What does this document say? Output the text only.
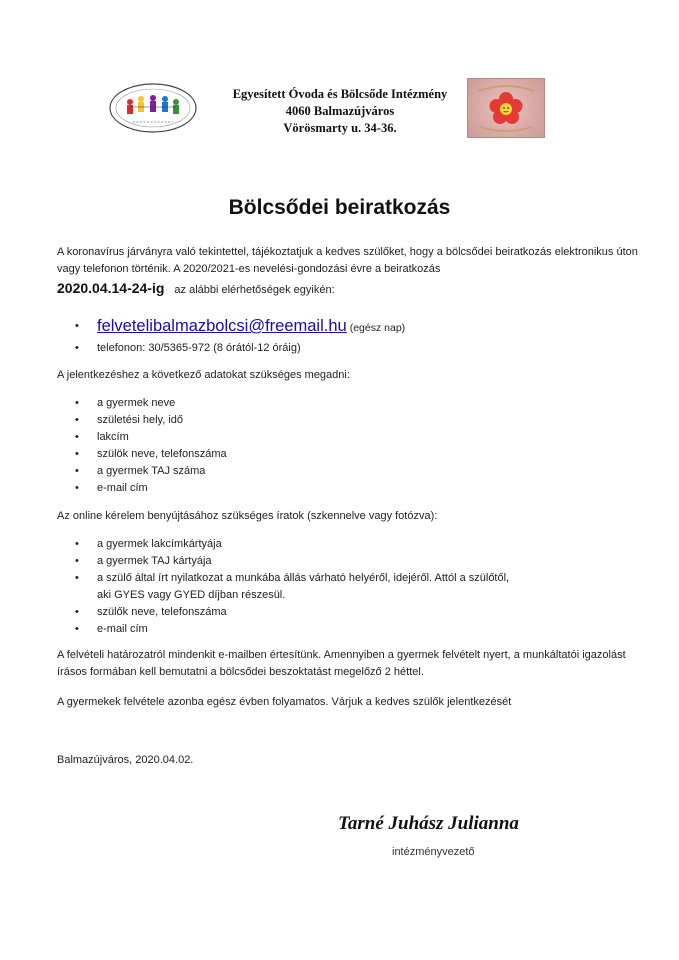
Egyesített Óvoda és Bölcsőde Intézmény
4060 Balmazújváros
Vörösmarty u. 34-36.
Bölcsődei beiratkozás
A koronavírus járványra való tekintettel, tájékoztatjuk a kedves szülőket, hogy a bölcsődei beiratkozás elektronikus úton vagy telefonon történik. A 2020/2021-es nevelési-gondozási évre a beiratkozás
2020.04.14-24-ig az alábbi elérhetőségek egyikén:
• felvetelibalmazbolcsi@freemail.hu (egész nap)
• telefonon: 30/5365-972 (8 órától-12 óráig)
A jelentkezéshez a következő adatokat szükséges megadni:
• a gyermek neve
• születési hely, idő
• lakcím
• szülök neve, telefonszáma
• a gyermek TAJ száma
• e-mail cím
Az online kérelem benyújtásához szükséges íratok (szkennelve vagy fotózva):
• a gyermek lakcímkártyája
• a gyermek TAJ kártyája
• a szülő által írt nyilatkozat a munkába állás várható helyéről, idejéről. Attól a szülőtől, aki GYES vagy GYED díjban részesül.
• szülők neve, telefonszáma
• e-mail cím
A felvételi határozatról mindenkit e-mailben értesítünk. Amennyiben a gyermek felvételt nyert, a munkáltatói igazolást írásos formában kell bemutatni a bölcsődei beszoktatást megelőző 2 héttel.
A gyermekek felvétele azonba egész évben folyamatos. Várjuk a kedves szülők jelentkezését
Balmazújváros, 2020.04.02.
Tarné Juhász Julianna
intézményvezető
